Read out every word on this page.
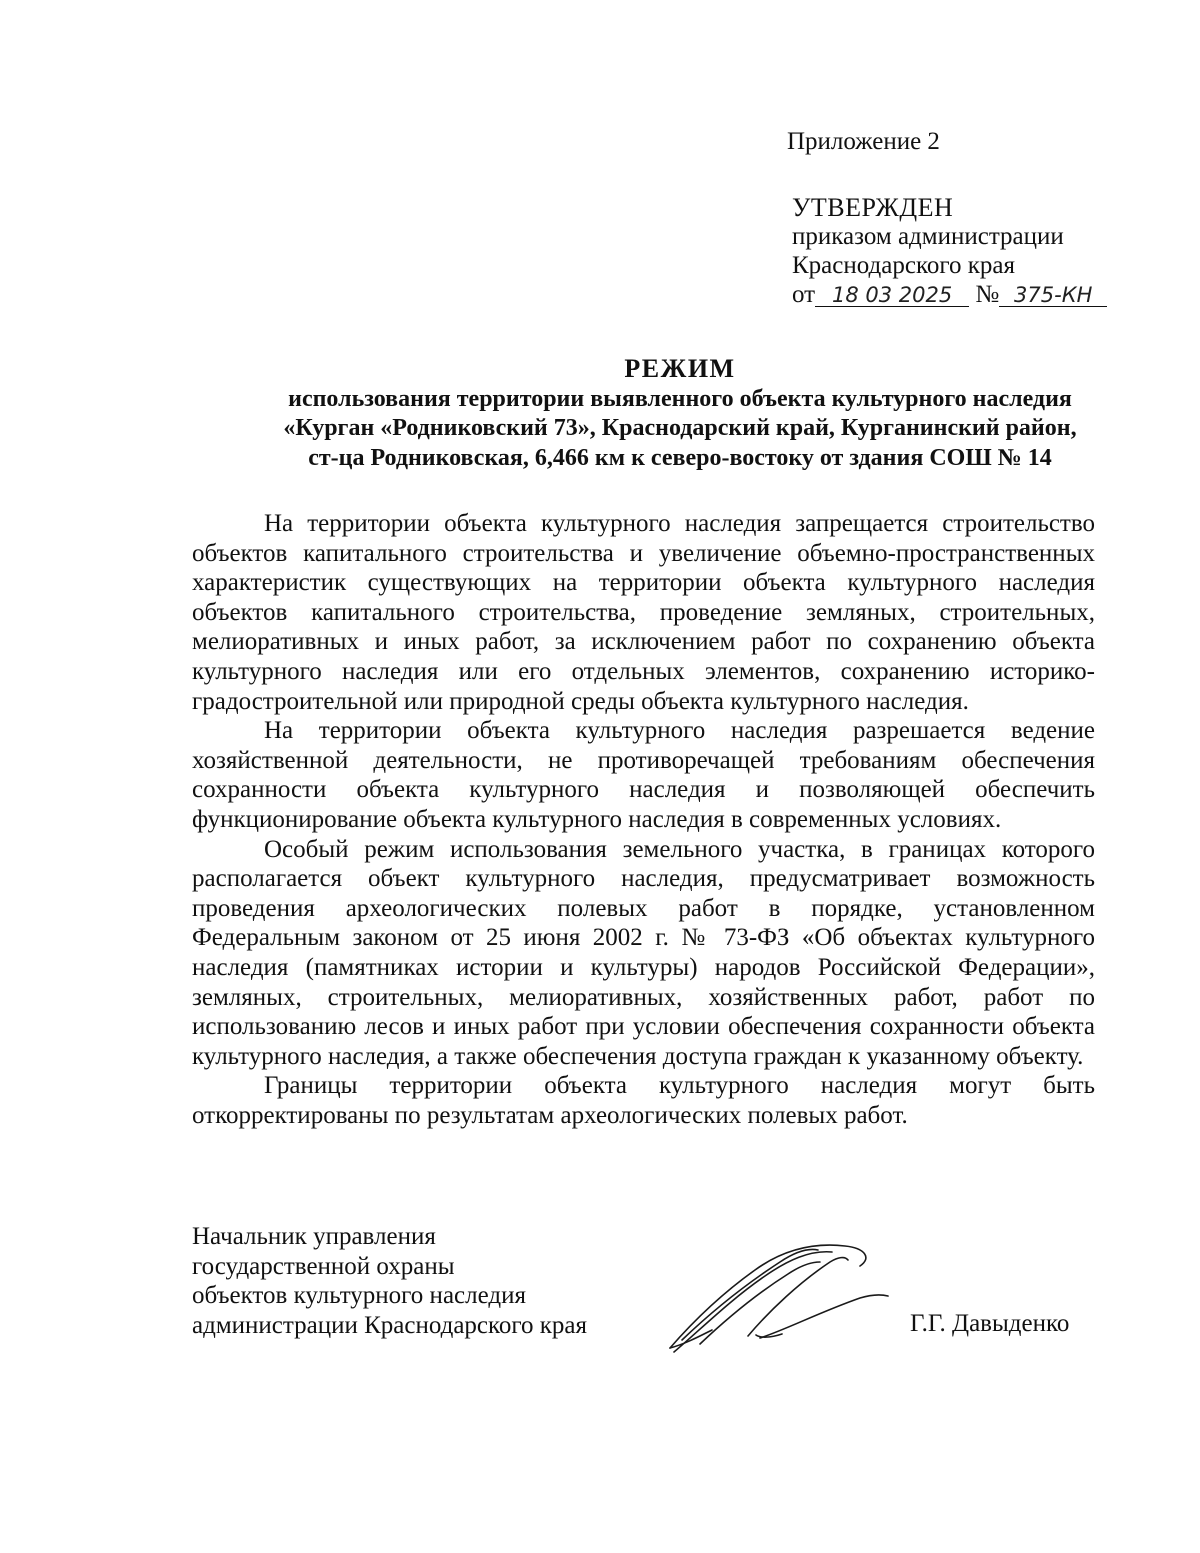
Приложение 2
УТВЕРЖДЕН
приказом администрации
Краснодарского края
от 18 03 2025 № 375-КН
РЕЖИМ
использования территории выявленного объекта культурного наследия
«Курган «Родниковский 73», Краснодарский край, Курганинский район,
ст-ца Родниковская, 6,466 км к северо-востоку от здания СОШ № 14

На территории объекта культурного наследия запрещается строительство объектов капитального строительства и увеличение объемно-пространственных характеристик существующих на территории объекта культурного наследия объектов капитального строительства, проведение земляных, строительных, мелиоративных и иных работ, за исключением работ по сохранению объекта культурного наследия или его отдельных элементов, сохранению историко-градостроительной или природной среды объекта культурного наследия.

На территории объекта культурного наследия разрешается ведение хозяйственной деятельности, не противоречащей требованиям обеспечения сохранности объекта культурного наследия и позволяющей обеспечить функционирование объекта культурного наследия в современных условиях.

Особый режим использования земельного участка, в границах которого располагается объект культурного наследия, предусматривает возможность проведения археологических полевых работ в порядке, установленном Федеральным законом от 25 июня 2002 г. № 73-ФЗ «Об объектах культурного наследия (памятниках истории и культуры) народов Российской Федерации», земляных, строительных, мелиоративных, хозяйственных работ, работ по использованию лесов и иных работ при условии обеспечения сохранности объекта культурного наследия, а также обеспечения доступа граждан к указанному объекту.

Границы территории объекта культурного наследия могут быть откорректированы по результатам археологических полевых работ.

Начальник управления
государственной охраны
объектов культурного наследия
администрации Краснодарского края	Г.Г. Давыденко
